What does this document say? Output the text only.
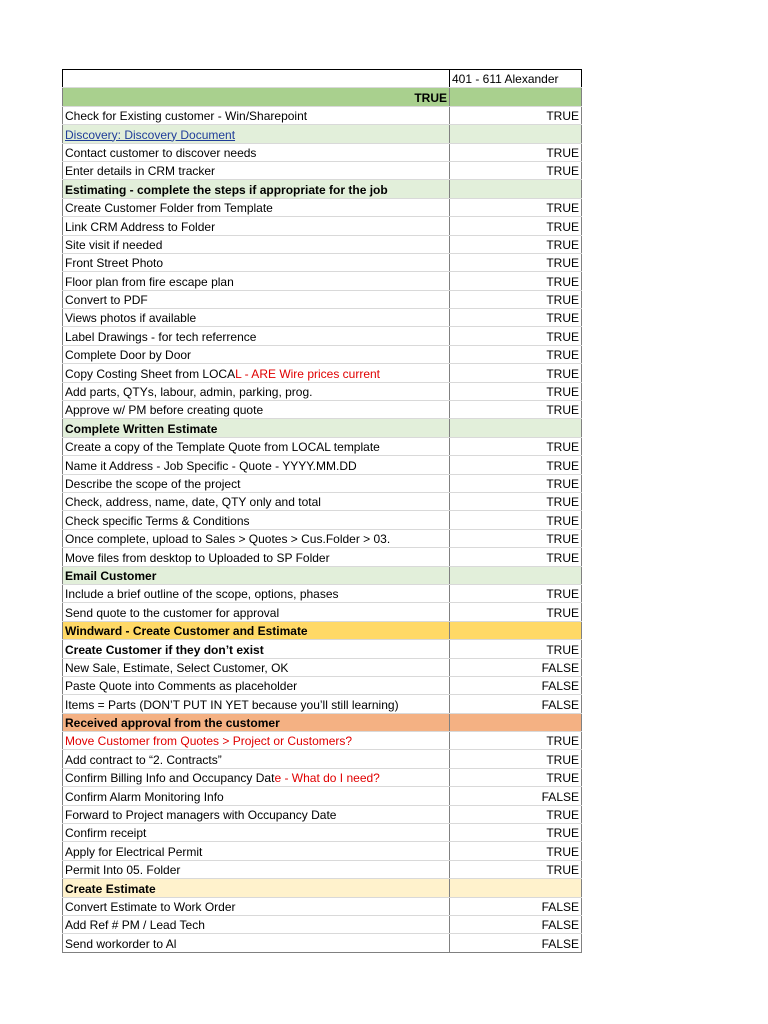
	401 - 611 Alexander
TRUE	
Check for Existing customer - Win/Sharepoint	TRUE
Discovery: Discovery Document	
Contact customer to discover needs	TRUE
Enter details in CRM tracker	TRUE
Estimating - complete the steps if appropriate for the job	
Create Customer Folder from Template	TRUE
Link CRM Address to Folder	TRUE
Site visit if needed	TRUE
Front Street Photo	TRUE
Floor plan from fire escape plan	TRUE
Convert to PDF	TRUE
Views photos if available	TRUE
Label Drawings - for tech referrence	TRUE
Complete Door by Door	TRUE
Copy Costing Sheet from LOCAL - ARE Wire prices current	TRUE
Add parts, QTYs, labour, admin, parking, prog.	TRUE
Approve w/ PM before creating quote	TRUE
Complete Written Estimate	
Create a copy of the Template Quote from LOCAL template	TRUE
Name it Address - Job Specific - Quote - YYYY.MM.DD	TRUE
Describe the scope of the project	TRUE
Check, address, name, date, QTY only and total	TRUE
Check specific Terms & Conditions	TRUE
Once complete, upload to Sales > Quotes > Cus.Folder > 03.	TRUE
Move files from desktop to Uploaded to SP Folder	TRUE
Email Customer	
Include a brief outline of the scope, options, phases	TRUE
Send quote to the customer for approval	TRUE
Windward - Create Customer and Estimate	
Create Customer if they don’t exist	TRUE
New Sale, Estimate, Select Customer, OK	FALSE
Paste Quote into Comments as placeholder	FALSE
Items = Parts (DON’T PUT IN YET because you’ll still learning)	FALSE
Received approval from the customer	
Move Customer from Quotes > Project or Customers?	TRUE
Add contract to “2. Contracts”	TRUE
Confirm Billing Info and Occupancy Date - What do I need?	TRUE
Confirm Alarm Monitoring Info	FALSE
Forward to Project managers with Occupancy Date	TRUE
Confirm receipt	TRUE
Apply for Electrical Permit	TRUE
Permit Into 05. Folder	TRUE
Create Estimate	
Convert Estimate to Work Order	FALSE
Add Ref # PM / Lead Tech	FALSE
Send workorder to Al	FALSE
